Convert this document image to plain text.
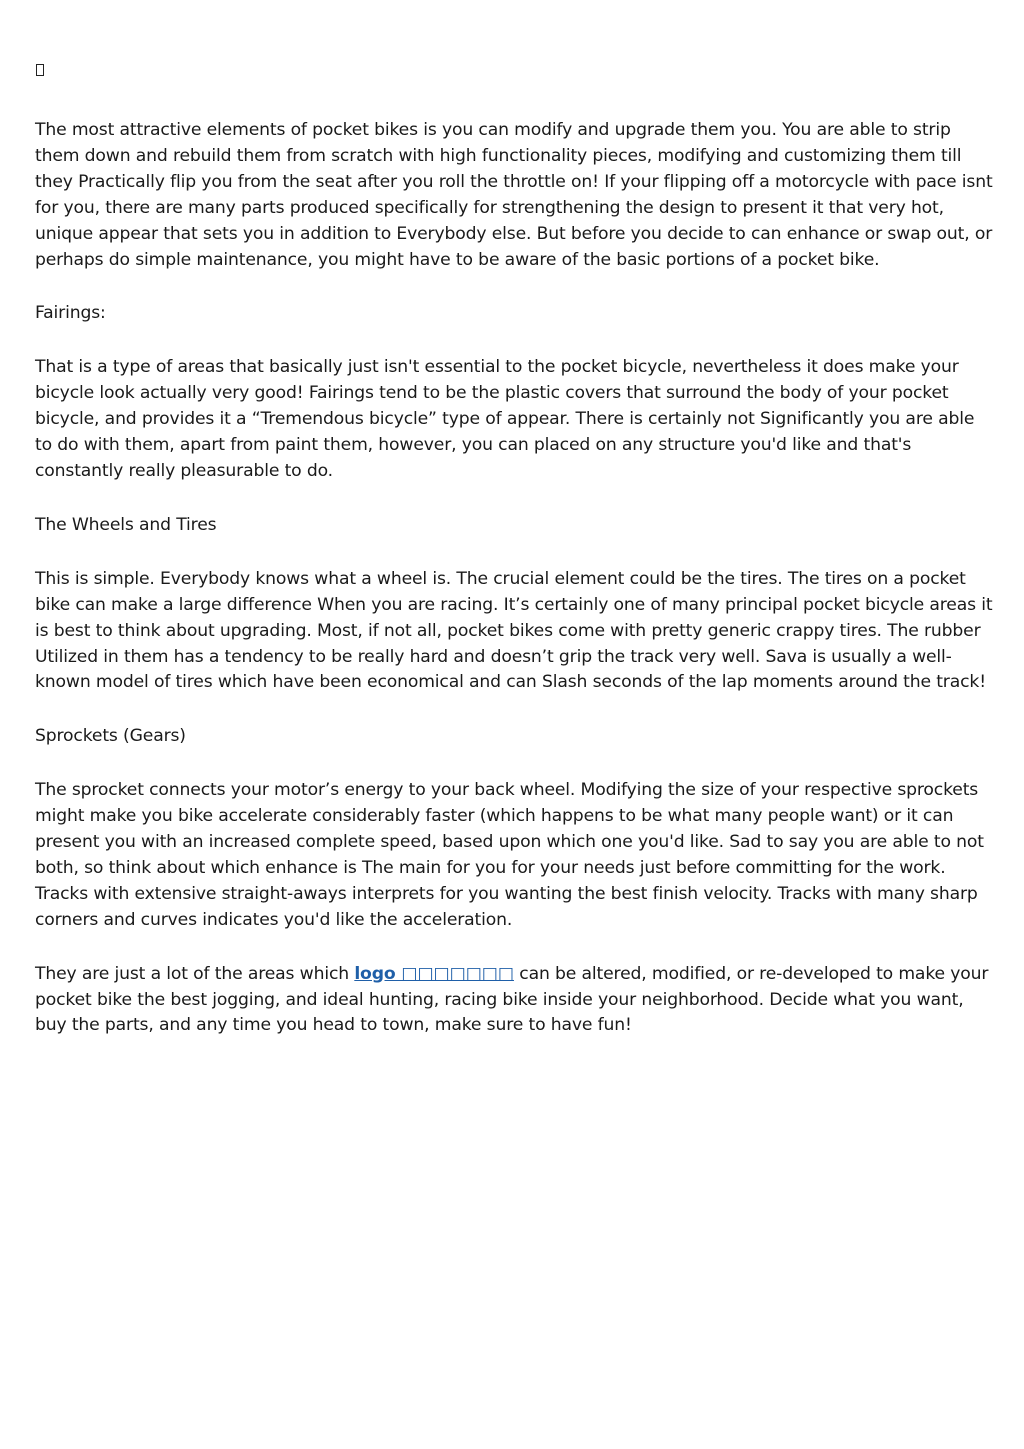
The most attractive elements of pocket bikes is you can modify and upgrade them you. You are able to strip them down and rebuild them from scratch with high functionality pieces, modifying and customizing them till they Practically flip you from the seat after you roll the throttle on! If your flipping off a motorcycle with pace isnt for you, there are many parts produced specifically for strengthening the design to present it that very hot, unique appear that sets you in addition to Everybody else. But before you decide to can enhance or swap out, or perhaps do simple maintenance, you might have to be aware of the basic portions of a pocket bike.

Fairings:

That is a type of areas that basically just isn't essential to the pocket bicycle, nevertheless it does make your bicycle look actually very good! Fairings tend to be the plastic covers that surround the body of your pocket bicycle, and provides it a “Tremendous bicycle” type of appear. There is certainly not Significantly you are able to do with them, apart from paint them, however, you can placed on any structure you'd like and that's constantly really pleasurable to do.

The Wheels and Tires

This is simple. Everybody knows what a wheel is. The crucial element could be the tires. The tires on a pocket bike can make a large difference When you are racing. It’s certainly one of many principal pocket bicycle areas it is best to think about upgrading. Most, if not all, pocket bikes come with pretty generic crappy tires. The rubber Utilized in them has a tendency to be really hard and doesn’t grip the track very well. Sava is usually a well-known model of tires which have been economical and can Slash seconds of the lap moments around the track!

Sprockets (Gears)

The sprocket connects your motor’s energy to your back wheel. Modifying the size of your respective sprockets might make you bike accelerate considerably faster (which happens to be what many people want) or it can present you with an increased complete speed, based upon which one you'd like. Sad to say you are able to not both, so think about which enhance is The main for you for your needs just before committing for the work. Tracks with extensive straight-aways interprets for you wanting the best finish velocity. Tracks with many sharp corners and curves indicates you'd like the acceleration.

They are just a lot of the areas which logo □□□□□□□ can be altered, modified, or re-developed to make your pocket bike the best jogging, and ideal hunting, racing bike inside your neighborhood. Decide what you want, buy the parts, and any time you head to town, make sure to have fun!
